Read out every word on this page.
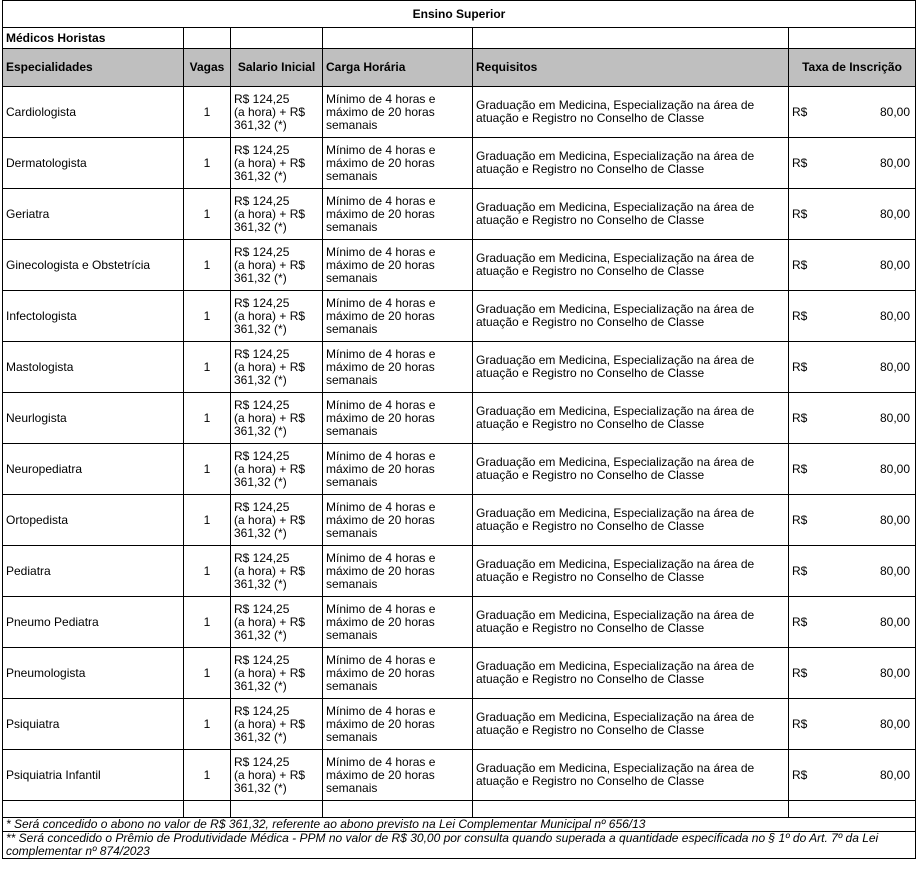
Ensino Superior					
Médicos Horistas					
Especialidades	Vagas	Salario Inicial	Carga Horária	Requisitos	Taxa de Inscrição
Cardiologista	1	R$ 124,25
(a hora) + R$
361,32 (*)	Mínimo de 4 horas e
máximo de 20 horas
semanais	Graduação em Medicina, Especialização na área de atuação e Registro no Conselho de Classe	R$ 80,00

Dermatologista	1	R$ 124,25
(a hora) + R$
361,32 (*)	Mínimo de 4 horas e
máximo de 20 horas
semanais	Graduação em Medicina, Especialização na área de atuação e Registro no Conselho de Classe	R$ 80,00

Geriatra	1	R$ 124,25
(a hora) + R$
361,32 (*)	Mínimo de 4 horas e
máximo de 20 horas
semanais	Graduação em Medicina, Especialização na área de atuação e Registro no Conselho de Classe	R$ 80,00

Ginecologista e Obstetrícia	1	R$ 124,25
(a hora) + R$
361,32 (*)	Mínimo de 4 horas e
máximo de 20 horas
semanais	Graduação em Medicina, Especialização na área de atuação e Registro no Conselho de Classe	R$ 80,00

Infectologista	1	R$ 124,25
(a hora) + R$
361,32 (*)	Mínimo de 4 horas e
máximo de 20 horas
semanais	Graduação em Medicina, Especialização na área de atuação e Registro no Conselho de Classe	R$ 80,00

Mastologista	1	R$ 124,25
(a hora) + R$
361,32 (*)	Mínimo de 4 horas e
máximo de 20 horas
semanais	Graduação em Medicina, Especialização na área de atuação e Registro no Conselho de Classe	R$ 80,00

Neurlogista	1	R$ 124,25
(a hora) + R$
361,32 (*)	Mínimo de 4 horas e
máximo de 20 horas
semanais	Graduação em Medicina, Especialização na área de atuação e Registro no Conselho de Classe	R$ 80,00

Neuropediatra	1	R$ 124,25
(a hora) + R$
361,32 (*)	Mínimo de 4 horas e
máximo de 20 horas
semanais	Graduação em Medicina, Especialização na área de atuação e Registro no Conselho de Classe	R$ 80,00

Ortopedista	1	R$ 124,25
(a hora) + R$
361,32 (*)	Mínimo de 4 horas e
máximo de 20 horas
semanais	Graduação em Medicina, Especialização na área de atuação e Registro no Conselho de Classe	R$ 80,00

Pediatra	1	R$ 124,25
(a hora) + R$
361,32 (*)	Mínimo de 4 horas e
máximo de 20 horas
semanais	Graduação em Medicina, Especialização na área de atuação e Registro no Conselho de Classe	R$ 80,00

Pneumo Pediatra	1	R$ 124,25
(a hora) + R$
361,32 (*)	Mínimo de 4 horas e
máximo de 20 horas
semanais	Graduação em Medicina, Especialização na área de atuação e Registro no Conselho de Classe	R$ 80,00

Pneumologista	1	R$ 124,25
(a hora) + R$
361,32 (*)	Mínimo de 4 horas e
máximo de 20 horas
semanais	Graduação em Medicina, Especialização na área de atuação e Registro no Conselho de Classe	R$ 80,00

Psiquiatra	1	R$ 124,25
(a hora) + R$
361,32 (*)	Mínimo de 4 horas e
máximo de 20 horas
semanais	Graduação em Medicina, Especialização na área de atuação e Registro no Conselho de Classe	R$ 80,00

Psiquiatria Infantil	1	R$ 124,25
(a hora) + R$
361,32 (*)	Mínimo de 4 horas e
máximo de 20 horas
semanais	Graduação em Medicina, Especialização na área de atuação e Registro no Conselho de Classe	R$ 80,00

* Será concedido o abono no valor de R$ 361,32, referente ao abono previsto na Lei Complementar Municipal nº 656/13					
** Será concedido o Prêmio de Produtividade Médica - PPM no valor de R$ 30,00 por consulta quando superada a quantidade especificada no § 1º do Art. 7º da Lei complementar nº 874/2023					
